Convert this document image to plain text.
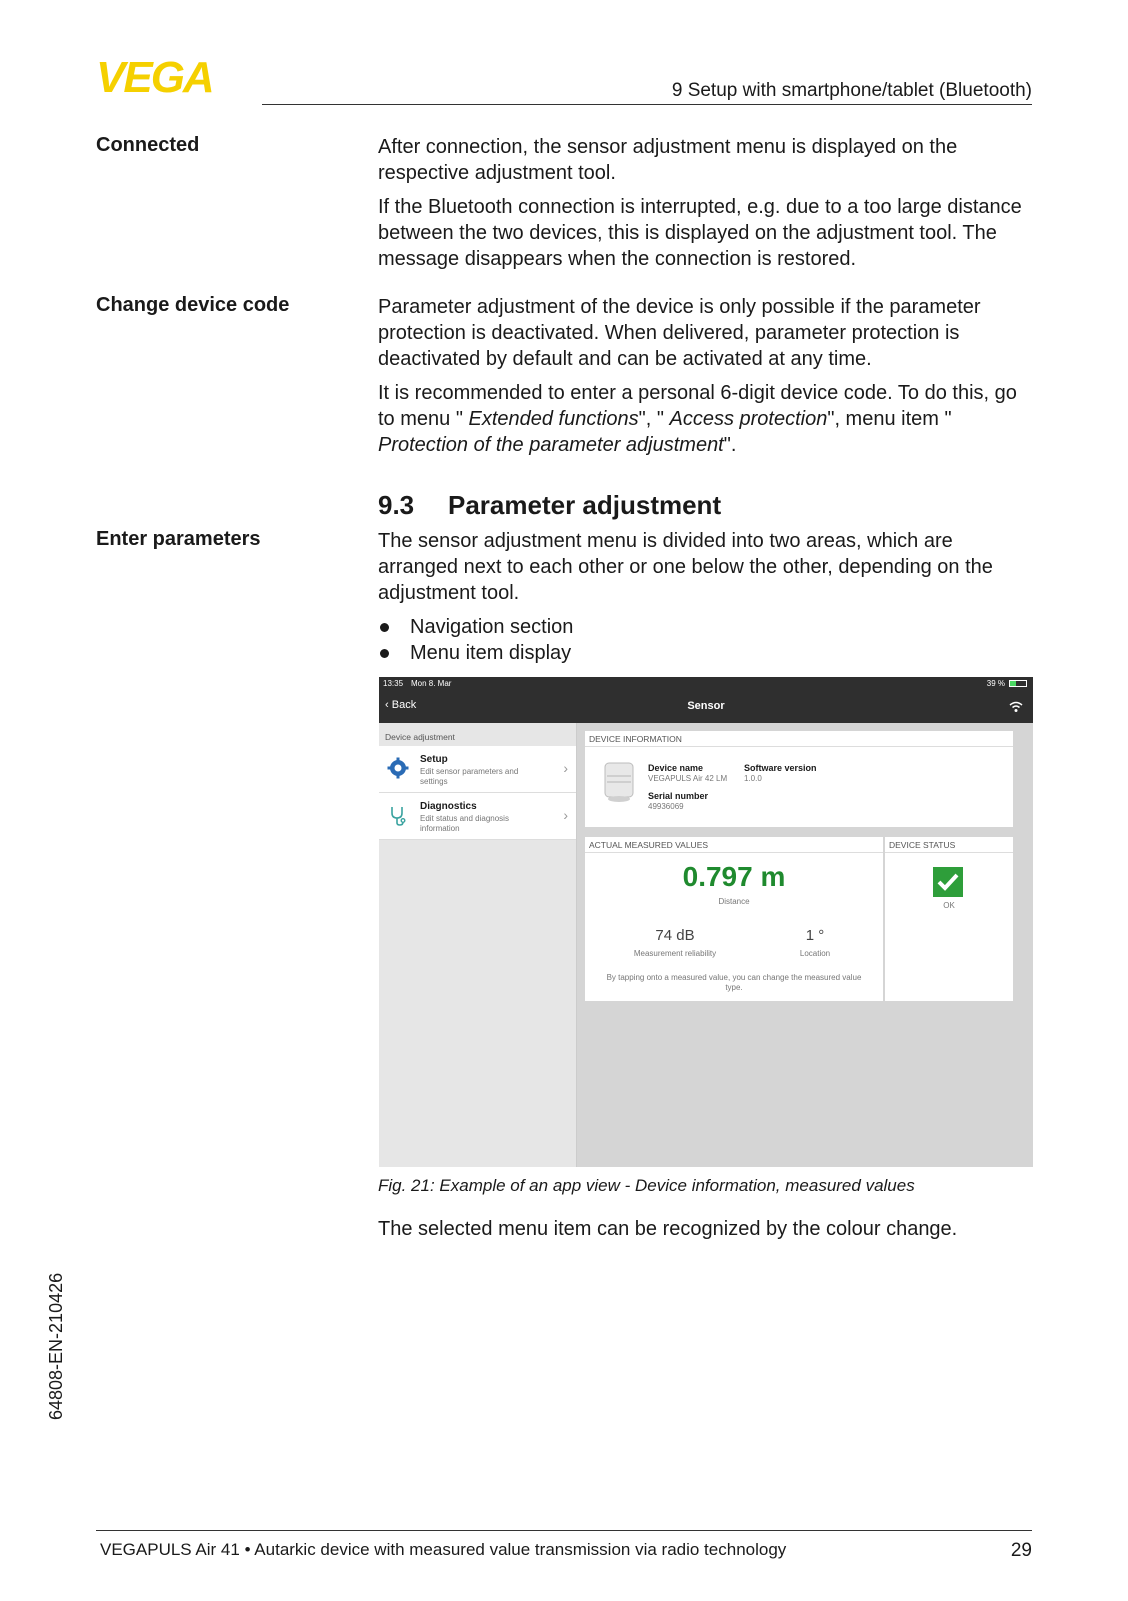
VEGA	9 Setup with smartphone/tablet (Bluetooth)
Connected	After connection, the sensor adjustment menu is displayed on the respective adjustment tool.

If the Bluetooth connection is interrupted, e.g. due to a too large distance between the two devices, this is displayed on the adjustment tool. The message disappears when the connection is restored.

Change device code	Parameter adjustment of the device is only possible if the parameter protection is deactivated. When delivered, parameter protection is deactivated by default and can be activated at any time.

It is recommended to enter a personal 6-digit device code. To do this, go to menu " Extended functions", " Access protection", menu item " Protection of the parameter adjustment".

9.3 Parameter adjustment
Enter parameters	The sensor adjustment menu is divided into two areas, which are arranged next to each other or one below the other, depending on the adjustment tool.

Navigation section
Menu item display
13:35 Mon 8. Mar	39 %
‹ Back	Sensor
Device adjustment
Setup
Edit sensor parameters and settings
›
Diagnostics
Edit status and diagnosis information
›
DEVICE INFORMATION
Device name
VEGAPULS Air 42 LM
Software version
1.0.0
Serial number
49936069
ACTUAL MEASURED VALUES
0.797 m
Distance
74 dB
Measurement reliability
1 °
Location
By tapping onto a measured value, you can change the measured value type.
DEVICE STATUS
OK
Fig. 21: Example of an app view - Device information, measured values
The selected menu item can be recognized by the colour change.
64808-EN-210426
VEGAPULS Air 41 • Autarkic device with measured value transmission via radio technology	29
